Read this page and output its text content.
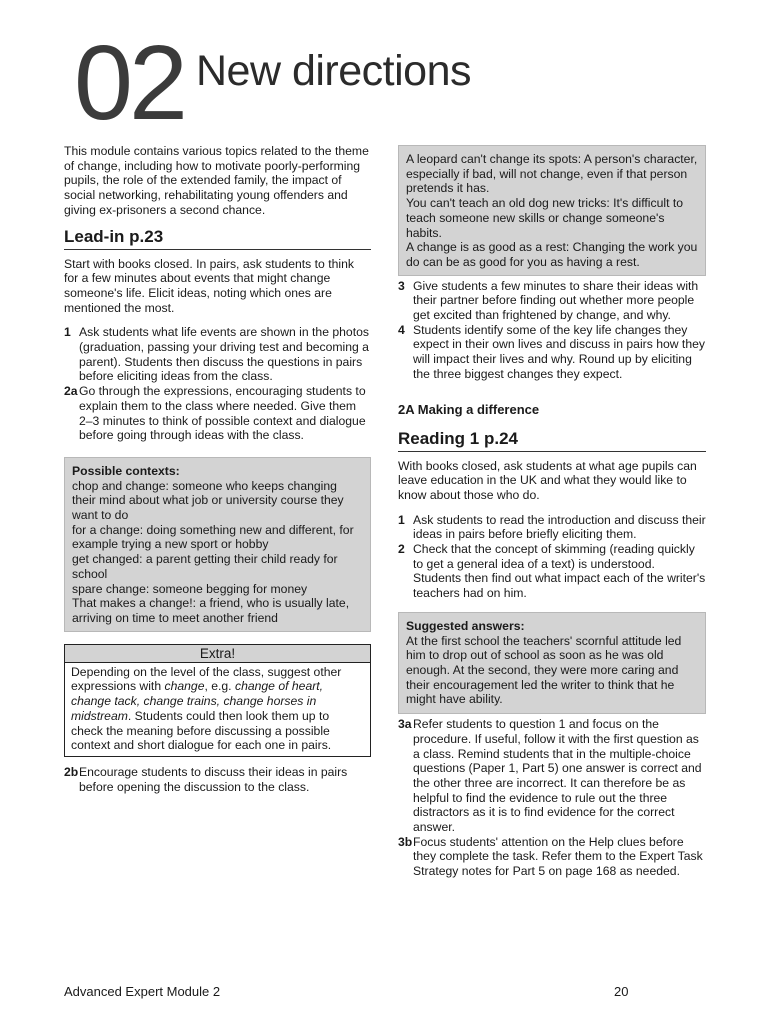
02 New directions

This module contains various topics related to the theme of change, including how to motivate poorly-performing pupils, the role of the extended family, the impact of social networking, rehabilitating young offenders and giving ex-prisoners a second chance.

Lead-in p.23

Start with books closed. In pairs, ask students to think for a few minutes about events that might change someone's life. Elicit ideas, noting which ones are mentioned the most.

1 Ask students what life events are shown in the photos (graduation, passing your driving test and becoming a parent). Students then discuss the questions in pairs before eliciting ideas from the class.
2a Go through the expressions, encouraging students to explain them to the class where needed. Give them 2–3 minutes to think of possible context and dialogue before going through ideas with the class.
Possible contexts:
chop and change: someone who keeps changing their mind about what job or university course they want to do
for a change: doing something new and different, for example trying a new sport or hobby
get changed: a parent getting their child ready for school
spare change: someone begging for money
That makes a change!: a friend, who is usually late, arriving on time to meet another friend
Extra!
Depending on the level of the class, suggest other expressions with change, e.g. change of heart, change tack, change trains, change horses in midstream. Students could then look them up to check the meaning before discussing a possible context and short dialogue for each one in pairs.
2b Encourage students to discuss their ideas in pairs before opening the discussion to the class.
A leopard can't change its spots: A person's character, especially if bad, will not change, even if that person pretends it has.
You can't teach an old dog new tricks: It's difficult to teach someone new skills or change someone's habits.
A change is as good as a rest: Changing the work you do can be as good for you as having a rest.
3 Give students a few minutes to share their ideas with their partner before finding out whether more people get excited than frightened by change, and why.
4 Students identify some of the key life changes they expect in their own lives and discuss in pairs how they will impact their lives and why. Round up by eliciting the three biggest changes they expect.
2A Making a difference
Reading 1 p.24

With books closed, ask students at what age pupils can leave education in the UK and what they would like to know about those who do.

1 Ask students to read the introduction and discuss their ideas in pairs before briefly eliciting them.
2 Check that the concept of skimming (reading quickly to get a general idea of a text) is understood. Students then find out what impact each of the writer's teachers had on him.
Suggested answers:
At the first school the teachers' scornful attitude led him to drop out of school as soon as he was old enough. At the second, they were more caring and their encouragement led the writer to think that he might have ability.
3a Refer students to question 1 and focus on the procedure. If useful, follow it with the first question as a class. Remind students that in the multiple-choice questions (Paper 1, Part 5) one answer is correct and the other three are incorrect. It can therefore be as helpful to find the evidence to rule out the three distractors as it is to find evidence for the correct answer.
3b Focus students' attention on the Help clues before they complete the task. Refer them to the Expert Task Strategy notes for Part 5 on page 168 as needed.
Advanced Expert Module 2	20
